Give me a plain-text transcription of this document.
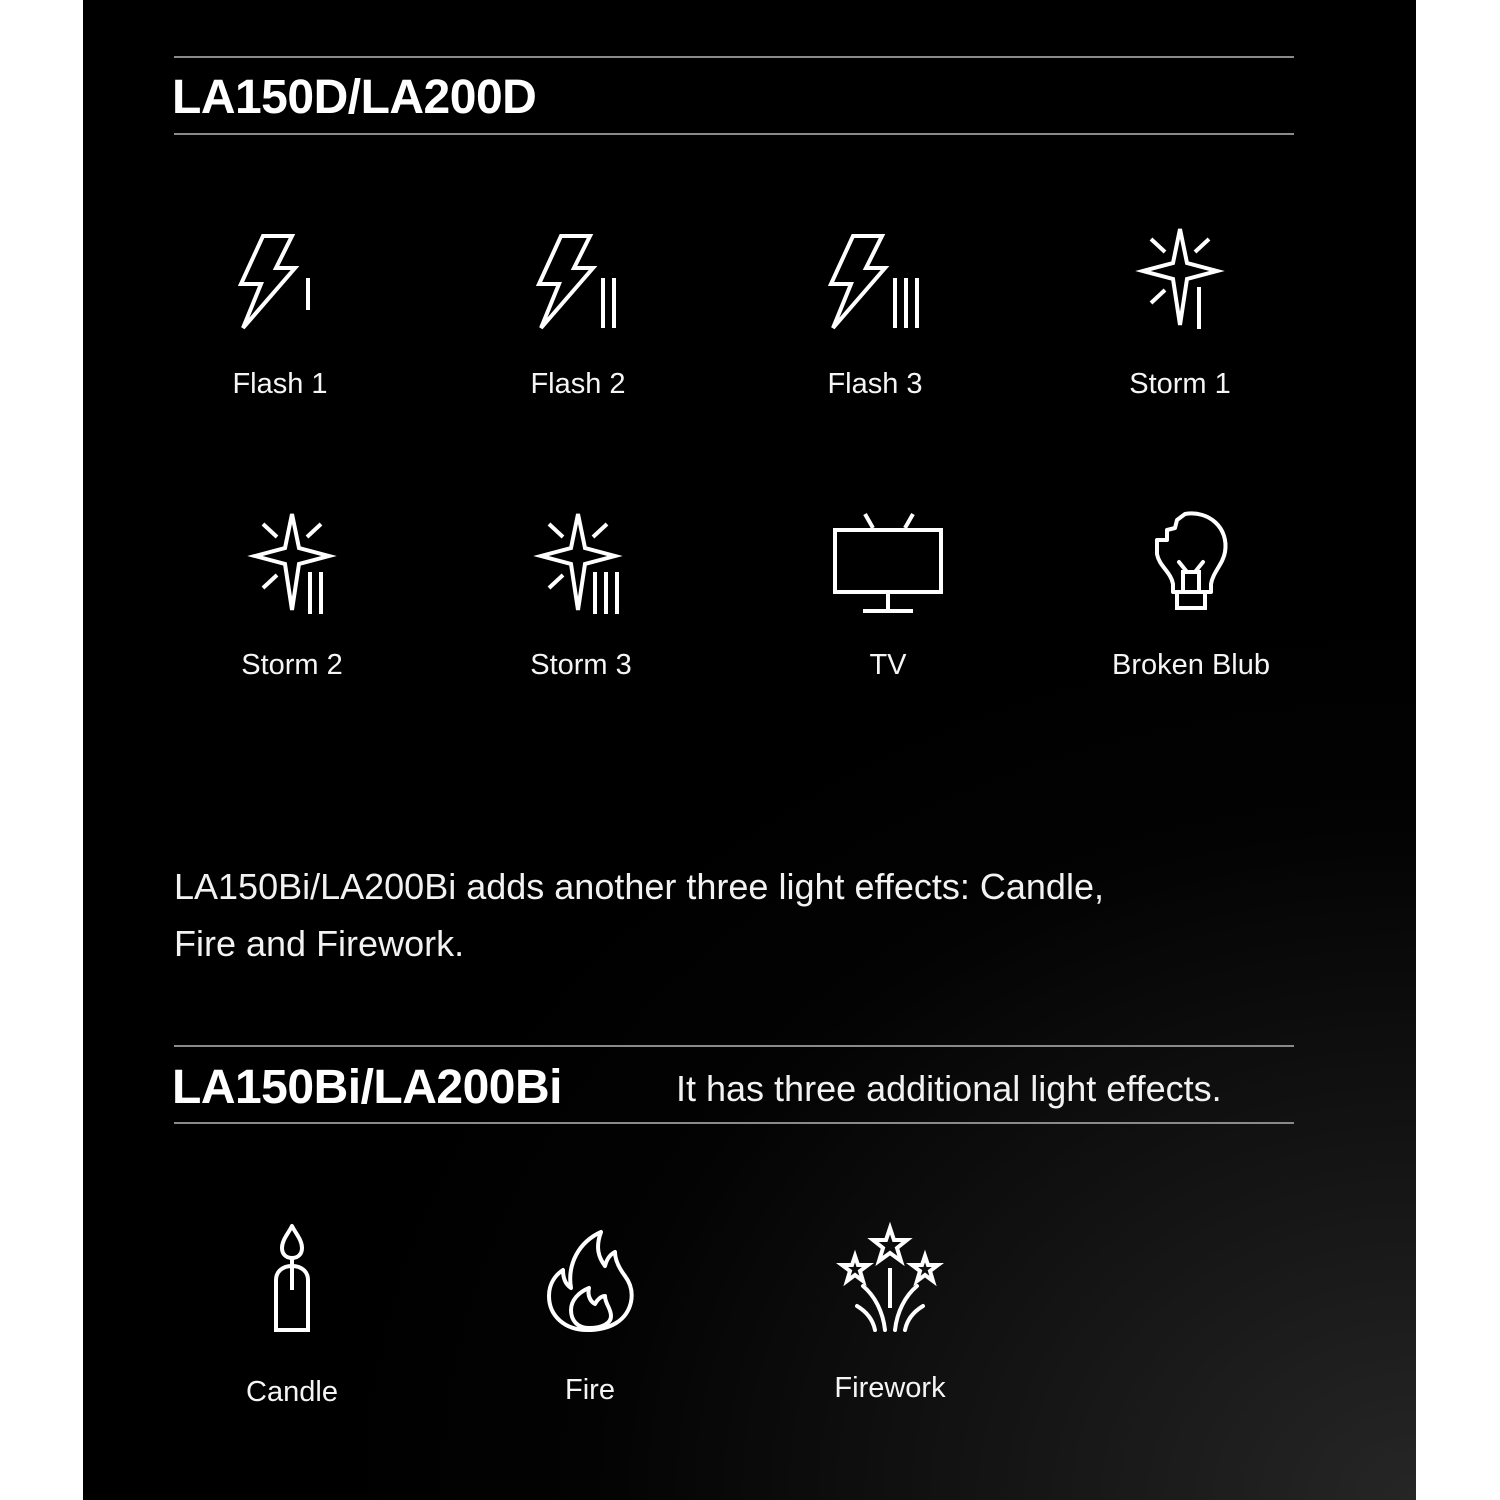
LA150D/LA200D
Flash 1	Flash 2	Flash 3	Storm 1
Storm 2	Storm 3	TV	Broken Blub
LA150Bi/LA200Bi adds another three light effects: Candle,
Fire and Firework.
LA150Bi/LA200Bi	It has three additional light effects.
Candle	Fire	Firework
